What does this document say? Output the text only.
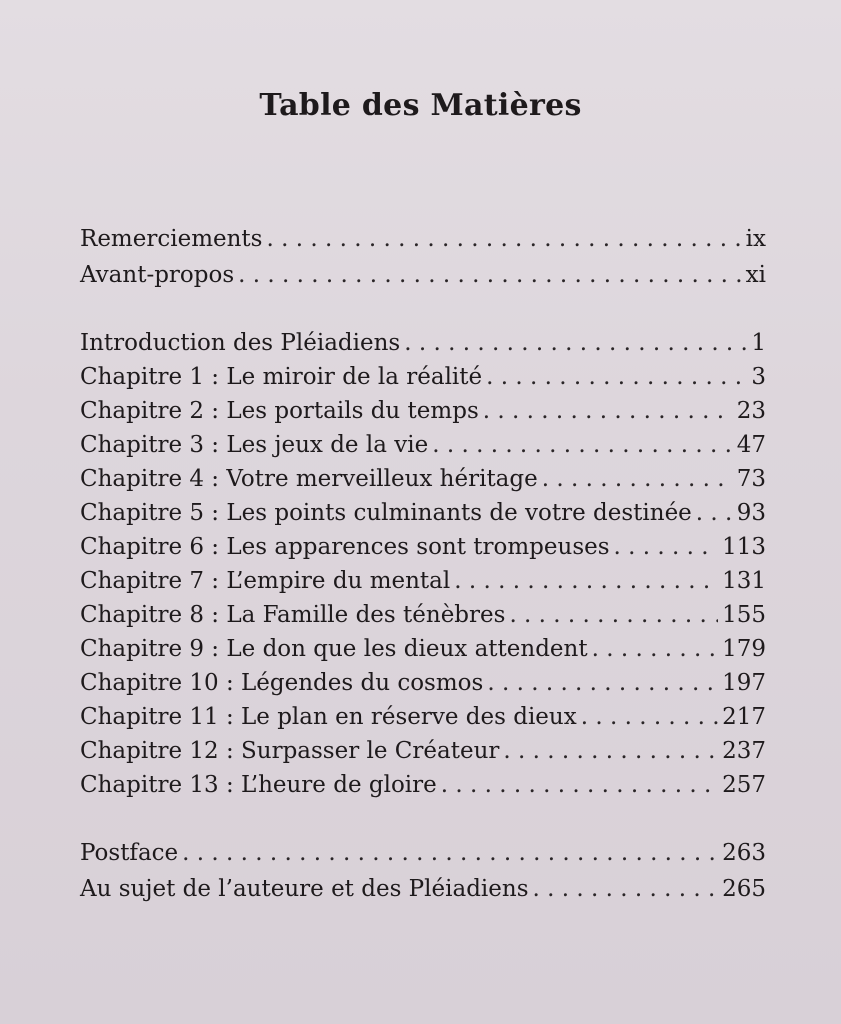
Table des Matières
Remerciements . . .	ix
Avant-propos . . .	xi
Introduction des Pléiadiens . . .	1
Chapitre 1 : Le miroir de la réalité . . .	3
Chapitre 2 : Les portails du temps . . .	23
Chapitre 3 : Les jeux de la vie . . .	47
Chapitre 4 : Votre merveilleux héritage . . .	73
Chapitre 5 : Les points culminants de votre destinée . . . 93
Chapitre 6 : Les apparences sont trompeuses . . .	113
Chapitre 7 : L’empire du mental . . .	131
Chapitre 8 : La Famille des ténèbres . . .	155
Chapitre 9 : Le don que les dieux attendent . . .	179
Chapitre 10 : Légendes du cosmos . . .	197
Chapitre 11 : Le plan en réserve des dieux . . .	217
Chapitre 12 : Surpasser le Créateur . . .	237
Chapitre 13 : L’heure de gloire . . .	257
Postface . . .	263
Au sujet de l’auteure et des Pléiadiens . . .	265
